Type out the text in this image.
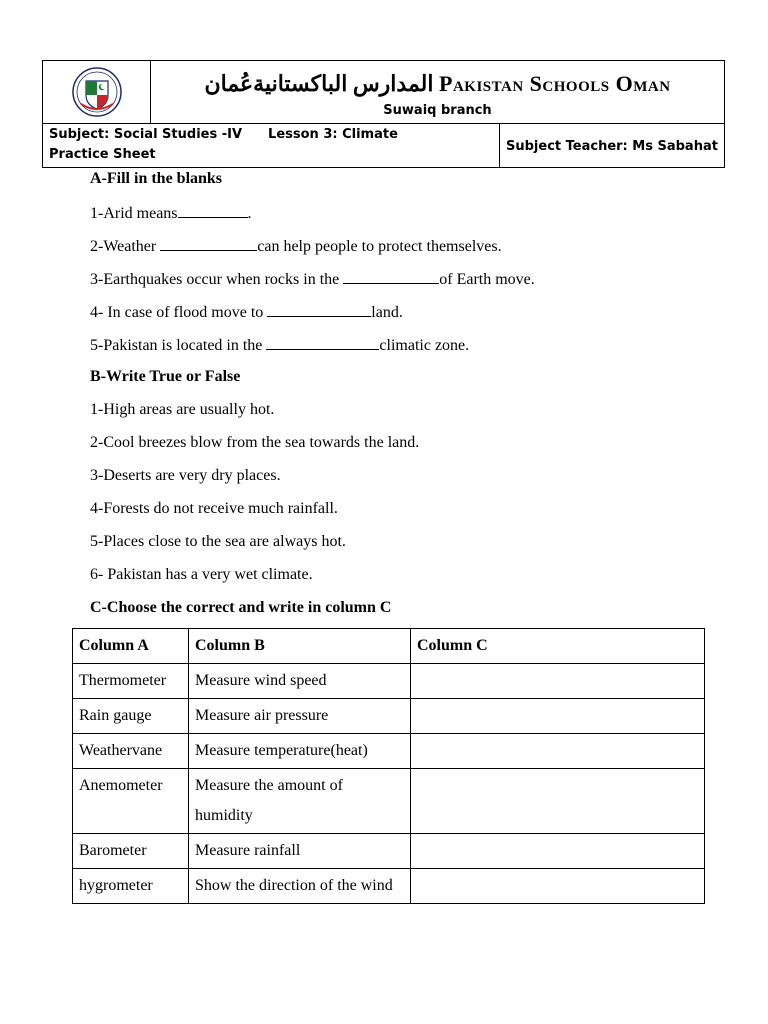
المدارس الباكستانيةعُمان Pakistan Schools Oman
Suwaiq branch
Subject: Social Studies -IV Lesson 3: Climate
Practice Sheet
Subject Teacher: Ms Sabahat
A-Fill in the blanks
1-Arid means	.
2-Weather	can help people to protect themselves.
3-Earthquakes occur when rocks in the	of Earth move.
4- In case of flood move to	land.
5-Pakistan is located in the	climatic zone.
B-Write True or False
1-High areas are usually hot.
2-Cool breezes blow from the sea towards the land.
3-Deserts are very dry places.
4-Forests do not receive much rainfall.
5-Places close to the sea are always hot.
6- Pakistan has a very wet climate.
C-Choose the correct and write in column C
Column A	Column B	Column C
Thermometer	Measure wind speed	
Rain gauge	Measure air pressure	
Weathervane	Measure temperature(heat)	
Anemometer	Measure the amount of humidity	
Barometer	Measure rainfall	
hygrometer	Show the direction of the wind	
